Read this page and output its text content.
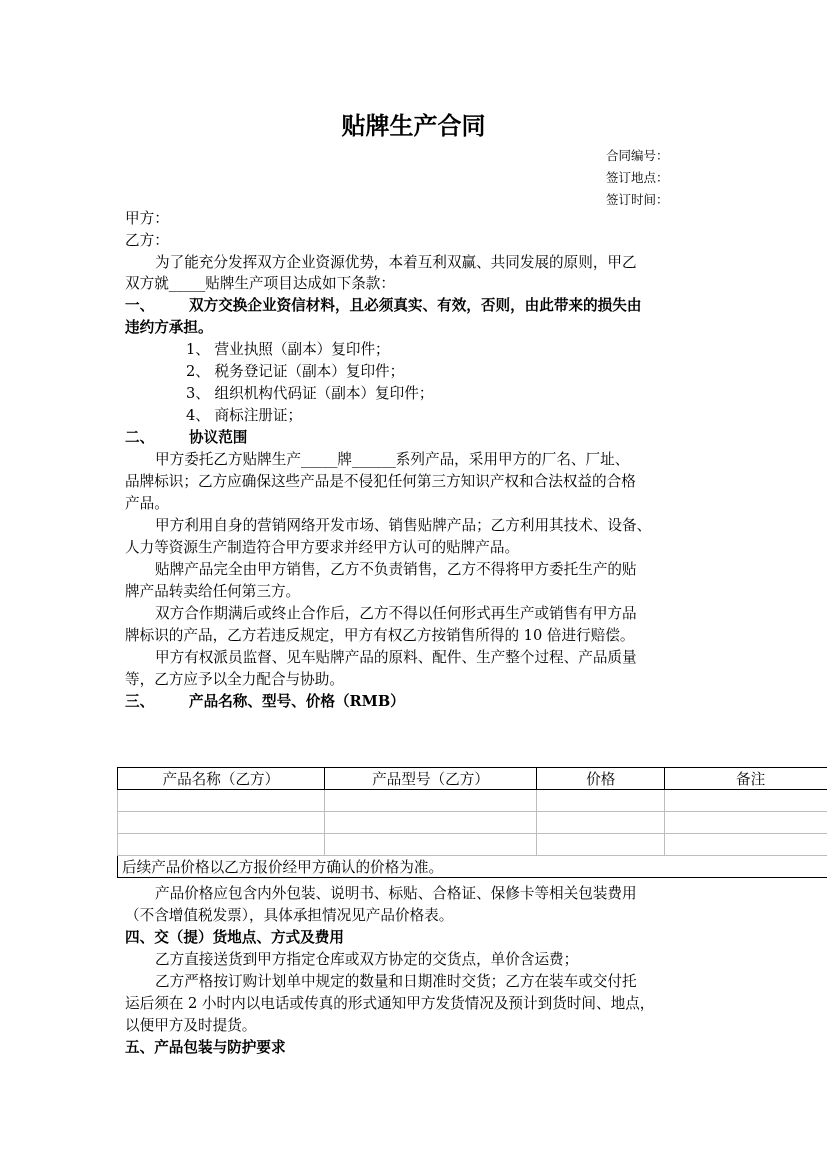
贴牌生产合同
合同编号：
签订地点：
签订时间：
甲方：
乙方：
为了能充分发挥双方企业资源优势，本着互利双赢、共同发展的原则，甲乙
双方就_____贴牌生产项目达成如下条款：
一、 双方交换企业资信材料，且必须真实、有效，否则，由此带来的损失由
违约方承担。
1、 营业执照（副本）复印件；
2、 税务登记证（副本）复印件；
3、 组织机构代码证（副本）复印件；
4、 商标注册证；
二、 协议范围
甲方委托乙方贴牌生产_____牌______系列产品，采用甲方的厂名、厂址、
品牌标识；乙方应确保这些产品是不侵犯任何第三方知识产权和合法权益的合格
产品。
甲方利用自身的营销网络开发市场、销售贴牌产品；乙方利用其技术、设备、
人力等资源生产制造符合甲方要求并经甲方认可的贴牌产品。
贴牌产品完全由甲方销售，乙方不负责销售，乙方不得将甲方委托生产的贴
牌产品转卖给任何第三方。
双方合作期满后或终止合作后，乙方不得以任何形式再生产或销售有甲方品
牌标识的产品，乙方若违反规定，甲方有权乙方按销售所得的 10 倍进行赔偿。
甲方有权派员监督、见车贴牌产品的原料、配件、生产整个过程、产品质量
等，乙方应予以全力配合与协助。
三、 产品名称、型号、价格（RMB）
产品名称（乙方）	产品型号（乙方）	价格	备注

后续产品价格以乙方报价经甲方确认的价格为准。			
产品价格应包含内外包装、说明书、标贴、合格证、保修卡等相关包装费用
（不含增值税发票），具体承担情况见产品价格表。
四、交（提）货地点、方式及费用
乙方直接送货到甲方指定仓库或双方协定的交货点，单价含运费；
乙方严格按订购计划单中规定的数量和日期准时交货；乙方在装车或交付托
运后须在 2 小时内以电话或传真的形式通知甲方发货情况及预计到货时间、地点，
以便甲方及时提货。
五、产品包装与防护要求
